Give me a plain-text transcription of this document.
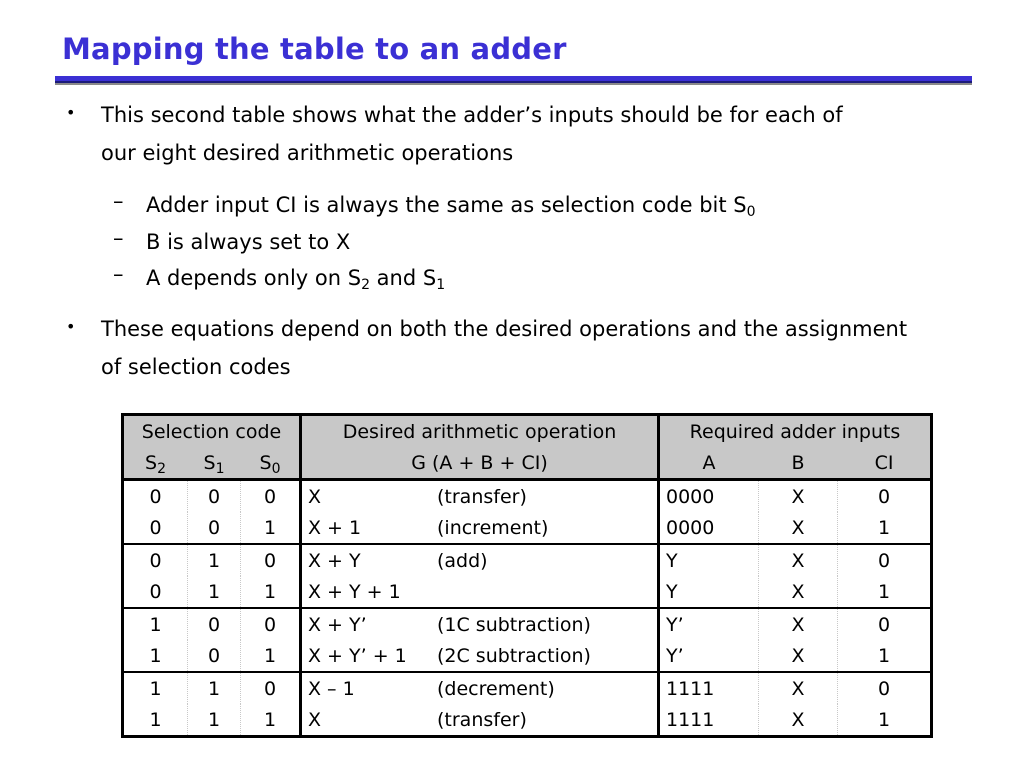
Mapping the table to an adder
• This second table shows what the adder’s inputs should be for each of
our eight desired arithmetic operations
– Adder input CI is always the same as selection code bit $S_0$
– B is always set to X
– A depends only on $S_2$ and $S_1$
• These equations depend on both the desired operations and the assignment
of selection codes
Selection code			Desired arithmetic operation		Required adder inputs		
$S_2$	$S_1$	$S_0$	G (A + B + CI)		A	B	CI
0	0	0	X	(transfer)	0000	X	0
0	0	1	X + 1	(increment)	0000	X	1
0	1	0	X + Y	(add)	Y	X	0
0	1	1	X + Y + 1		Y	X	1
1	0	0	X + Y’	(1C subtraction)	Y’	X	0
1	0	1	X + Y’ + 1	(2C subtraction)	Y’	X	1
1	1	0	X – 1	(decrement)	1111	X	0
1	1	1	X	(transfer)	1111	X	1
